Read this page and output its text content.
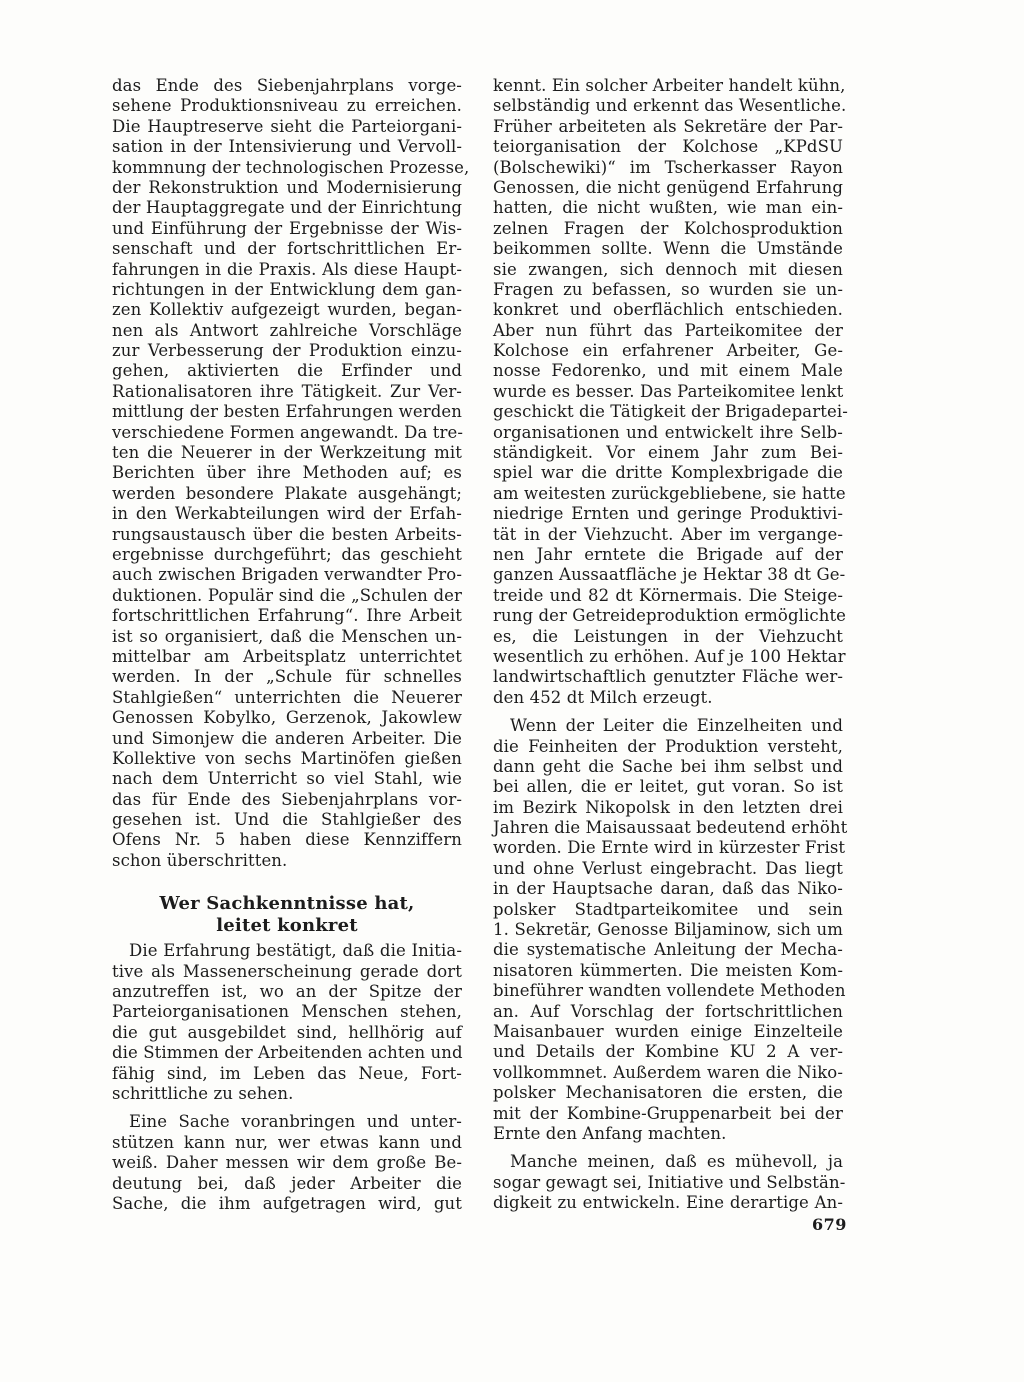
das Ende des Siebenjahrplans vorge-
sehene Produktionsniveau zu erreichen.
Die Hauptreserve sieht die Parteiorgani-
sation in der Intensivierung und Vervoll-
kommnung der technologischen Prozesse,
der Rekonstruktion und Modernisierung
der Hauptaggregate und der Einrichtung
und Einführung der Ergebnisse der Wis-
senschaft und der fortschrittlichen Er-
fahrungen in die Praxis. Als diese Haupt-
richtungen in der Entwicklung dem gan-
zen Kollektiv aufgezeigt wurden, began-
nen als Antwort zahlreiche Vorschläge
zur Verbesserung der Produktion einzu-
gehen, aktivierten die Erfinder und
Rationalisatoren ihre Tätigkeit. Zur Ver-
mittlung der besten Erfahrungen werden
verschiedene Formen angewandt. Da tre-
ten die Neuerer in der Werkzeitung mit
Berichten über ihre Methoden auf; es
werden besondere Plakate ausgehängt;
in den Werkabteilungen wird der Erfah-
rungsaustausch über die besten Arbeits-
ergebnisse durchgeführt; das geschieht
auch zwischen Brigaden verwandter Pro-
duktionen. Populär sind die „Schulen der
fortschrittlichen Erfahrung“. Ihre Arbeit
ist so organisiert, daß die Menschen un-
mittelbar am Arbeitsplatz unterrichtet
werden. In der „Schule für schnelles
Stahlgießen“ unterrichten die Neuerer
Genossen Kobylko, Gerzenok, Jakowlew
und Simonjew die anderen Arbeiter. Die
Kollektive von sechs Martinöfen gießen
nach dem Unterricht so viel Stahl, wie
das für Ende des Siebenjahrplans vor-
gesehen ist. Und die Stahlgießer des
Ofens Nr. 5 haben diese Kennziffern
schon überschritten.
Wer Sachkenntnisse hat,
leitet konkret
Die Erfahrung bestätigt, daß die Initia-
tive als Massenerscheinung gerade dort
anzutreffen ist, wo an der Spitze der
Parteiorganisationen Menschen stehen,
die gut ausgebildet sind, hellhörig auf
die Stimmen der Arbeitenden achten und
fähig sind, im Leben das Neue, Fort-
schrittliche zu sehen.
Eine Sache voranbringen und unter-
stützen kann nur, wer etwas kann und
weiß. Daher messen wir dem große Be-
deutung bei, daß jeder Arbeiter die
Sache, die ihm aufgetragen wird, gut
kennt. Ein solcher Arbeiter handelt kühn,
selbständig und erkennt das Wesentliche.
Früher arbeiteten als Sekretäre der Par-
teiorganisation der Kolchose „KPdSU
(Bolschewiki)“ im Tscherkasser Rayon
Genossen, die nicht genügend Erfahrung
hatten, die nicht wußten, wie man ein-
zelnen Fragen der Kolchosproduktion
beikommen sollte. Wenn die Umstände
sie zwangen, sich dennoch mit diesen
Fragen zu befassen, so wurden sie un-
konkret und oberflächlich entschieden.
Aber nun führt das Parteikomitee der
Kolchose ein erfahrener Arbeiter, Ge-
nosse Fedorenko, und mit einem Male
wurde es besser. Das Parteikomitee lenkt
geschickt die Tätigkeit der Brigadepartei-
organisationen und entwickelt ihre Selb-
ständigkeit. Vor einem Jahr zum Bei-
spiel war die dritte Komplexbrigade die
am weitesten zurückgebliebene, sie hatte
niedrige Ernten und geringe Produktivi-
tät in der Viehzucht. Aber im vergange-
nen Jahr erntete die Brigade auf der
ganzen Aussaatfläche je Hektar 38 dt Ge-
treide und 82 dt Körnermais. Die Steige-
rung der Getreideproduktion ermöglichte
es, die Leistungen in der Viehzucht
wesentlich zu erhöhen. Auf je 100 Hektar
landwirtschaftlich genutzter Fläche wer-
den 452 dt Milch erzeugt.
Wenn der Leiter die Einzelheiten und
die Feinheiten der Produktion versteht,
dann geht die Sache bei ihm selbst und
bei allen, die er leitet, gut voran. So ist
im Bezirk Nikopolsk in den letzten drei
Jahren die Maisaussaat bedeutend erhöht
worden. Die Ernte wird in kürzester Frist
und ohne Verlust eingebracht. Das liegt
in der Hauptsache daran, daß das Niko-
polsker Stadtparteikomitee und sein
1. Sekretär, Genosse Biljaminow, sich um
die systematische Anleitung der Mecha-
nisatoren kümmerten. Die meisten Kom-
bineführer wandten vollendete Methoden
an. Auf Vorschlag der fortschrittlichen
Maisanbauer wurden einige Einzelteile
und Details der Kombine KU 2 A ver-
vollkommnet. Außerdem waren die Niko-
polsker Mechanisatoren die ersten, die
mit der Kombine-Gruppenarbeit bei der
Ernte den Anfang machten.
Manche meinen, daß es mühevoll, ja
sogar gewagt sei, Initiative und Selbstän-
digkeit zu entwickeln. Eine derartige An-
679
